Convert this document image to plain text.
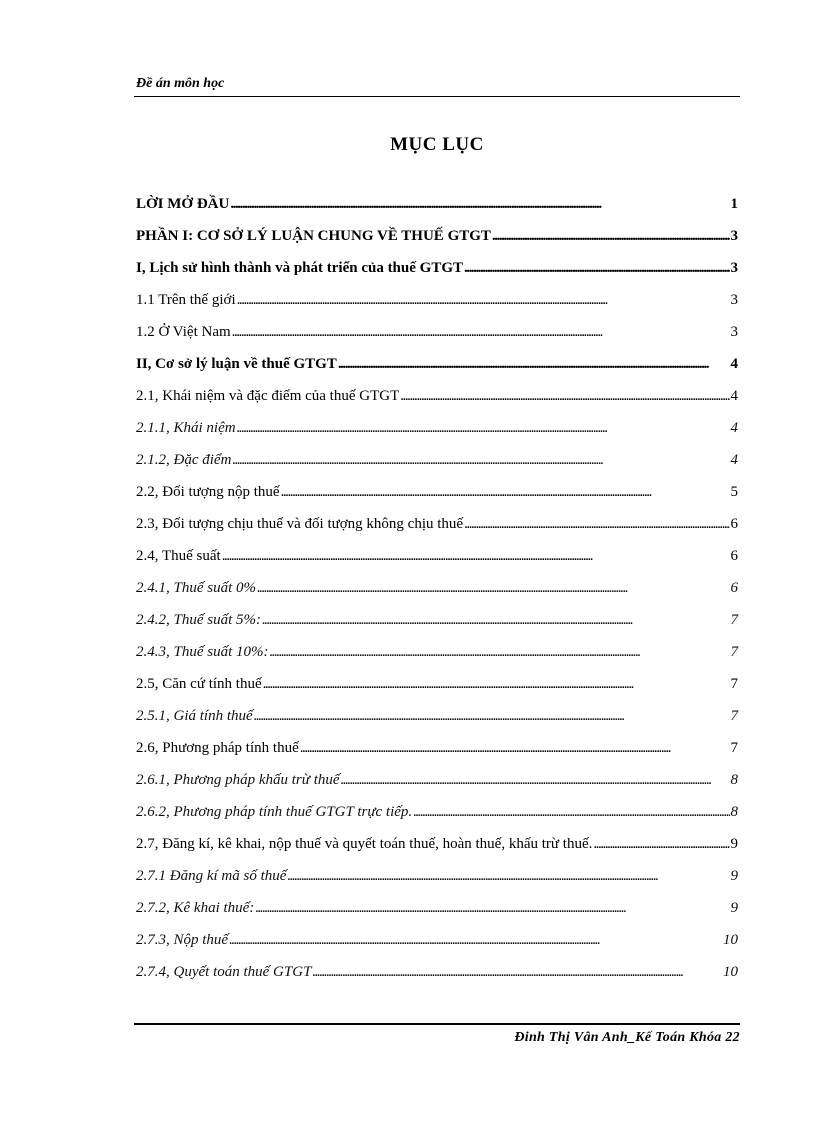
Đề án môn học
MỤC LỤC
LỜI MỞ ĐẦU . . .	1
PHẦN I: CƠ SỞ LÝ LUẬN CHUNG VỀ THUẾ GTGT . . .	3
I, Lịch sử hình thành và phát triển của thuế GTGT . . .	3
1.1 Trên thế giới . . .	3
1.2 Ở Việt Nam . . .	3
II, Cơ sở lý luận về thuế GTGT . . .	4
2.1, Khái niệm và đặc điểm của thuế GTGT . . .	4
2.1.1, Khái niệm . . .	4
2.1.2, Đặc điểm . . .	4
2.2, Đối tượng nộp thuế . . .	5
2.3, Đối tượng chịu thuế và đối tượng không chịu thuế . . .	6
2.4, Thuế suất . . .	6
2.4.1, Thuế suất 0% . . .	6
2.4.2, Thuế suất 5%: . . .	7
2.4.3, Thuế suất 10%: . . .	7
2.5, Căn cứ tính thuế . . .	7
2.5.1, Giá tính thuế . . .	7
2.6, Phương pháp tính thuế . . .	7
2.6.1, Phương pháp khấu trừ thuế . . .	8
2.6.2, Phương pháp tính thuế GTGT trực tiếp. . . .	8
2.7, Đăng kí, kê khai, nộp thuế và quyết toán thuế, hoàn thuế, khấu trừ thuế. . . .	9
2.7.1 Đăng kí mã số thuế . . .	9
2.7.2, Kê khai thuế: . . .	9
2.7.3, Nộp thuế . . .	10
2.7.4, Quyết toán thuế GTGT . . .	10
Đinh Thị Vân Anh_Kế Toán Khóa 22
